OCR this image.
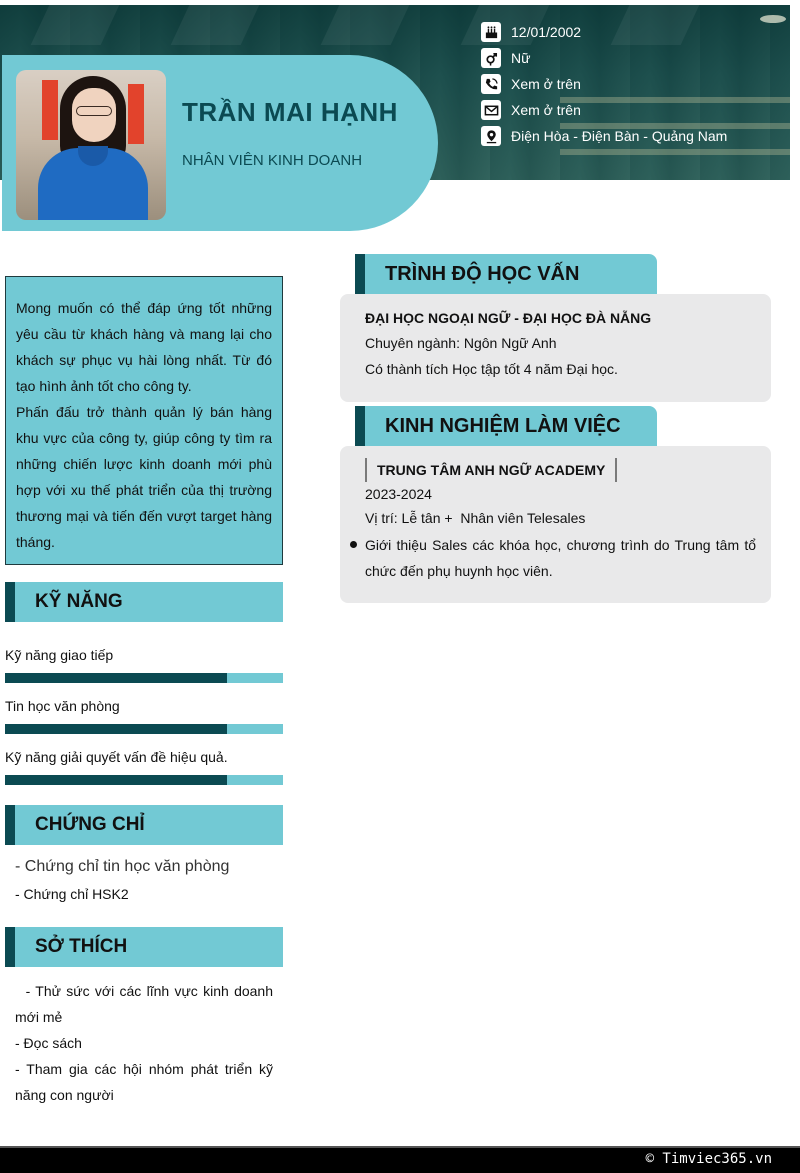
TRẦN MAI HẠNH
NHÂN VIÊN KINH DOANH
12/01/2002
Nữ
Xem ở trên
Xem ở trên
Điện Hòa - Điện Bàn - Quảng Nam
Mong muốn có thể đáp ứng tốt những yêu cầu từ khách hàng và mang lại cho khách sự phục vụ hài lòng nhất. Từ đó tạo hình ảnh tốt cho công ty.
Phấn đấu trở thành quản lý bán hàng khu vực của công ty, giúp công ty tìm ra những chiến lược kinh doanh mới phù hợp với xu thế phát triển của thị trường thương mại và tiến đến vượt target hàng tháng.
KỸ NĂNG
Kỹ năng giao tiếp
Tin học văn phòng
Kỹ năng giải quyết vấn đề hiệu quả.
CHỨNG CHỈ
- Chứng chỉ tin học văn phòng
- Chứng chỉ HSK2
SỞ THÍCH
- Thử sức với các lĩnh vực kinh doanh mới mẻ
- Đọc sách
- Tham gia các hội nhóm phát triển kỹ năng con người
TRÌNH ĐỘ HỌC VẤN
ĐẠI HỌC NGOẠI NGỮ - ĐẠI HỌC ĐÀ NẴNG
Chuyên ngành: Ngôn Ngữ Anh
Có thành tích Học tập tốt 4 năm Đại học.
KINH NGHIỆM LÀM VIỆC
TRUNG TÂM ANH NGỮ ACADEMY
2023-2024
Vị trí: Lễ tân +  Nhân viên Telesales
Giới thiệu Sales các khóa học, chương trình do Trung tâm tổ chức đến phụ huynh học viên.
© Timviec365.vn
